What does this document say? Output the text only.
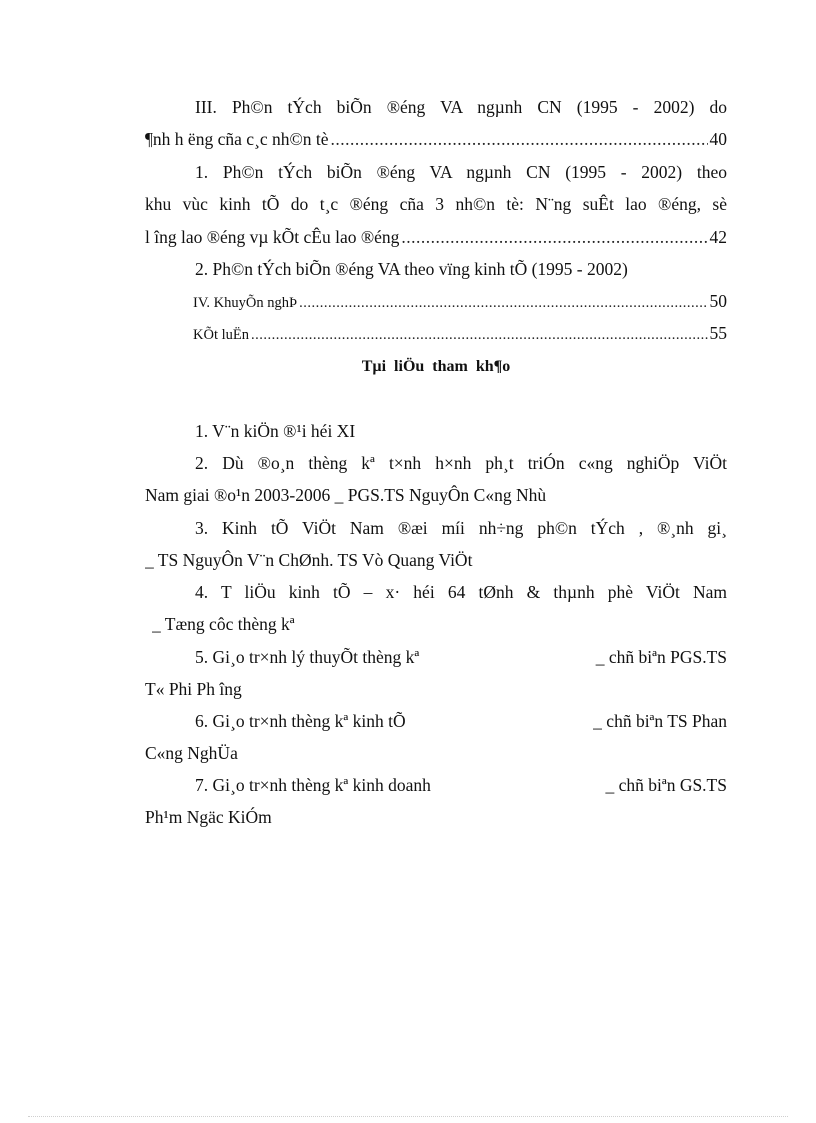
III. Ph©n tÝch biÕn ®éng VA ngµnh CN (1995 - 2002) do
¶nh h ëng cña c¸c nh©n tè .....	40
1. Ph©n tÝch biÕn ®éng VA ngµnh CN (1995 - 2002) theo
khu vùc kinh tÕ do t¸c ®éng cña 3 nh©n tè: N¨ng suÊt lao ®éng, sè
l îng lao ®éng vµ kÕt cÊu lao ®éng .....	42
2. Ph©n tÝch biÕn ®éng VA theo vïng kinh tÕ (1995 - 2002)
IV. KhuyÕn nghÞ .....	50
KÕt luËn .....	55
Tµi liÖu tham kh¶o
1. V¨n kiÖn ®¹i héi XI
2. Dù ®o¸n thèng kª t×nh h×nh ph¸t triÓn c«ng nghiÖp ViÖt
Nam giai ®o¹n 2003-2006 _ PGS.TS NguyÔn C«ng Nhù
3. Kinh tÕ ViÖt Nam ®æi míi nh÷ng ph©n tÝch , ®¸nh gi¸
_ TS NguyÔn V¨n ChØnh. TS Vò Quang ViÖt
4. T liÖu kinh tÕ – x· héi 64 tØnh & thµnh phè ViÖt Nam
_ Tæng côc thèng kª
5. Gi¸o tr×nh lý thuyÕt thèng kª	_ chñ biªn PGS.TS
T« Phi Ph îng
6. Gi¸o tr×nh thèng kª kinh tÕ	_ chñ biªn TS Phan
C«ng NghÜa
7. Gi¸o tr×nh thèng kª kinh doanh	_ chñ biªn GS.TS
Ph¹m Ngäc KiÓm
